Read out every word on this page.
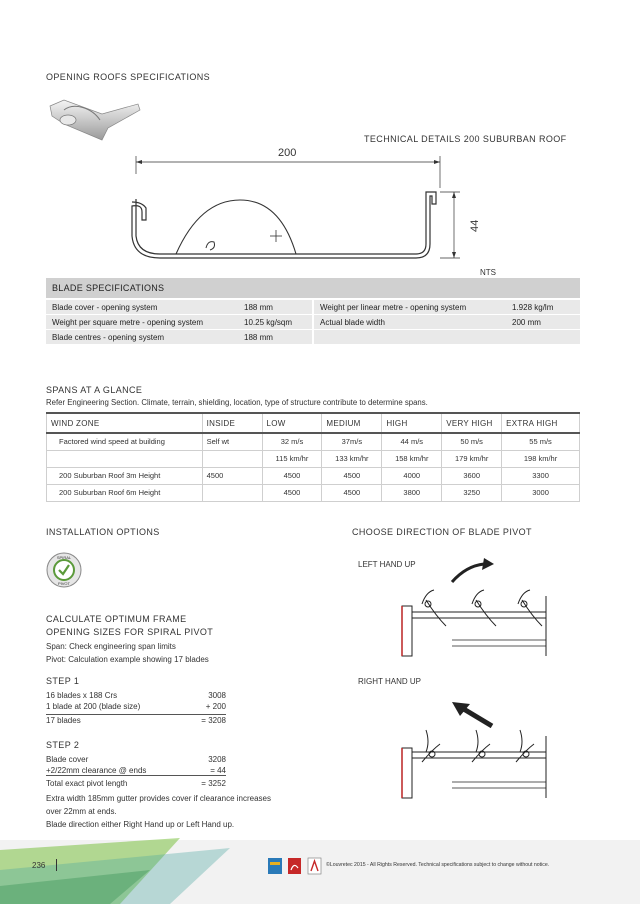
OPENING ROOFS SPECIFICATIONS
TECHNICAL DETAILS 200 SUBURBAN ROOF
200
44
NTS
BLADE SPECIFICATIONS
Blade cover - opening system	188 mm
Weight per square metre - opening system	10.25 kg/sqm
Blade centres - opening system	188 mm
Weight per linear metre - opening system	1.928 kg/lm
Actual blade width	200 mm
SPANS AT A GLANCE
Refer Engineering Section. Climate, terrain, shielding, location, type of structure contribute to determine spans.
WIND ZONE	INSIDE	LOW	MEDIUM	HIGH	VERY HIGH	EXTRA HIGH
Factored wind speed at building	Self wt	32 m/s	37m/s	44 m/s	50 m/s	55 m/s
		115 km/hr	133 km/hr	158 km/hr	179 km/hr	198 km/hr
200 Suburban Roof 3m Height	4500	4500	4500	4000	3600	3300
200 Suburban Roof 6m Height		4500	4500	3800	3250	3000
INSTALLATION OPTIONS
SPIRAL
PIVOT
CHOOSE DIRECTION OF BLADE PIVOT
LEFT HAND UP
RIGHT HAND UP
CALCULATE OPTIMUM FRAME
OPENING SIZES FOR SPIRAL PIVOT
Span: Check engineering span limits
Pivot: Calculation example showing 17 blades
STEP 1
16 blades x 188 Crs	3008
1 blade at 200 (blade size)	+ 200
17 blades	= 3208
STEP 2
Blade cover	3208
+2/22mm clearance @ ends	= 44
Total exact pivot length	= 3252
Extra width 185mm gutter provides cover if clearance increases
over 22mm at ends.
Blade direction either Right Hand up or Left Hand up.
236	©Louvretec 2015 - All Rights Reserved. Technical specifications subject to change without notice.
